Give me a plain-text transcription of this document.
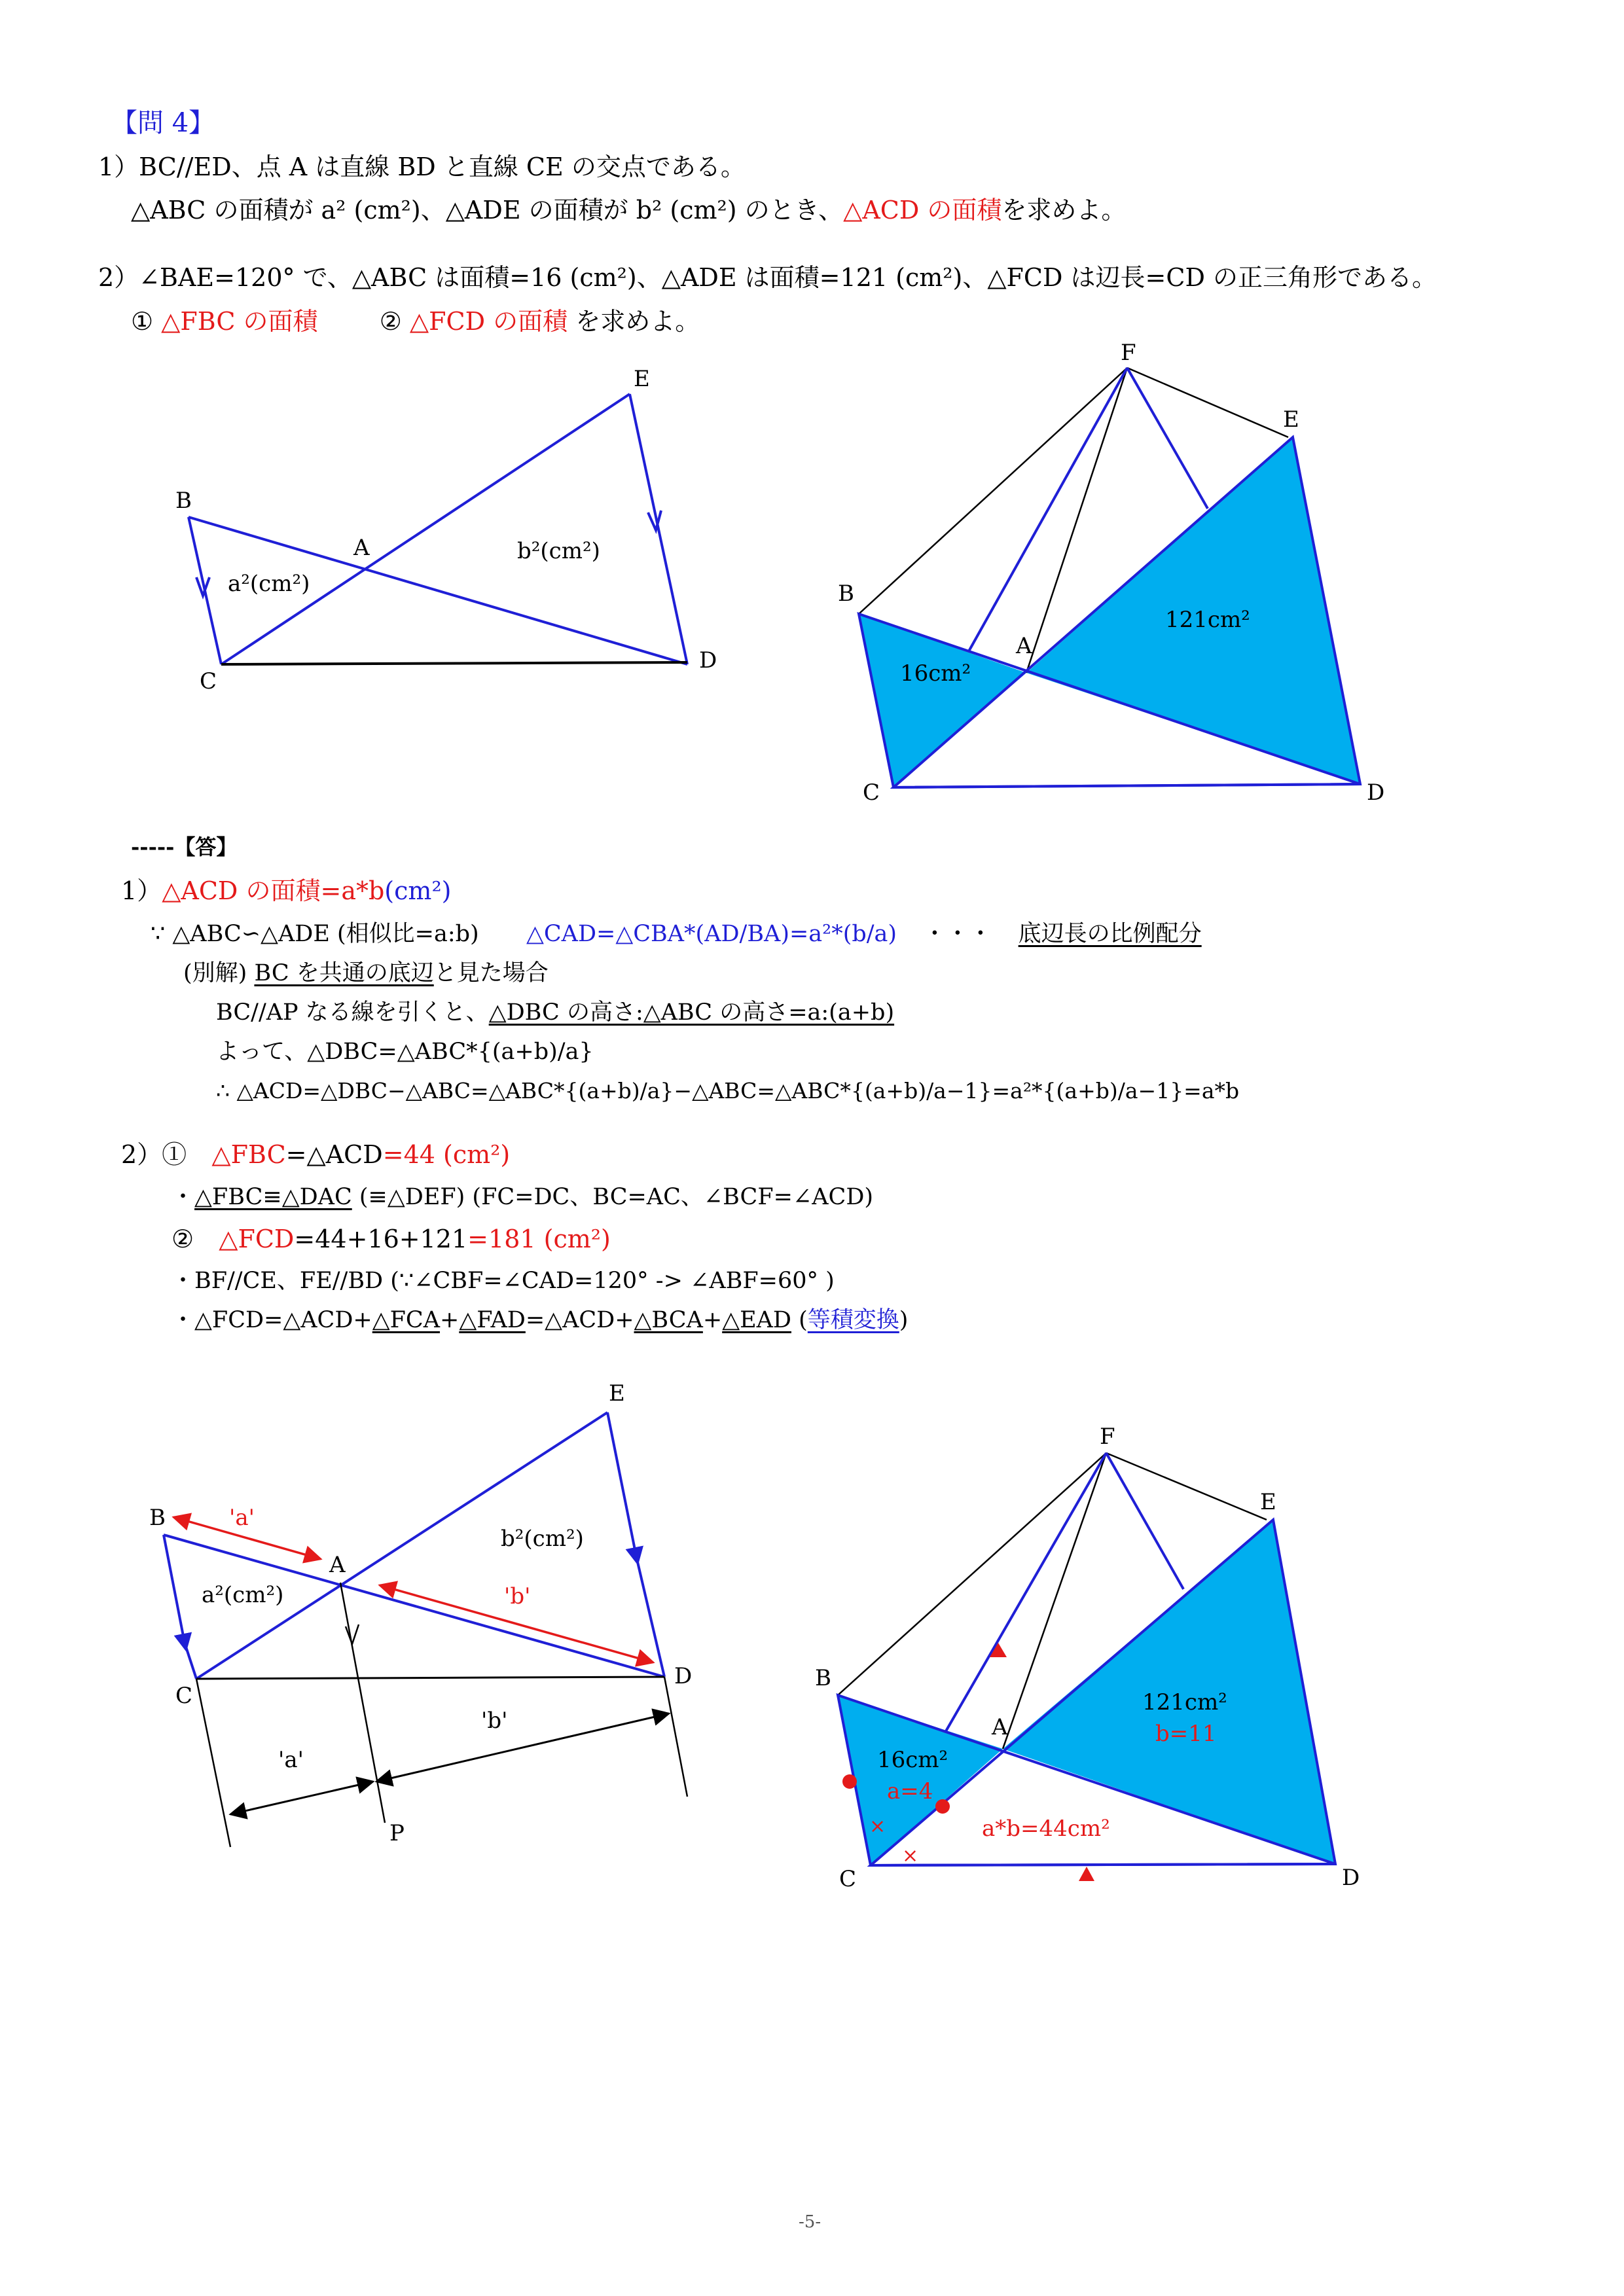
【問 4】
1）BC//ED、点 A は直線 BD と直線 CE の交点である。
△ABC の面積が a² (cm²)、△ADE の面積が b² (cm²) のとき、△ACD の面積を求めよ。
2）∠BAE=120° で、△ABC は面積=16 (cm²)、△ADE は面積=121 (cm²)、△FCD は辺長=CD の正三角形である。
① △FBC の面積 ② △FCD の面積 を求めよ。
-----【答】
1）△ACD の面積=a*b(cm²)
∵ △ABC∽△ADE (相似比=a:b) △CAD=△CBA*(AD/BA)=a²*(b/a) ・・・ 底辺長の比例配分
(別解) BC を共通の底辺と見た場合
BC//AP なる線を引くと、△DBC の高さ:△ABC の高さ=a:(a+b)
よって、△DBC=△ABC*{(a+b)/a}
∴ △ACD=△DBC−△ABC=△ABC*{(a+b)/a}−△ABC=△ABC*{(a+b)/a−1}=a²*{(a+b)/a−1}=a*b
2）① △FBC=△ACD=44 (cm²)
・△FBC≡△DAC (≡△DEF) (FC=DC、BC=AC、∠BCF=∠ACD)
② △FCD=44+16+121=181 (cm²)
・BF//CE、FE//BD (∵∠CBF=∠CAD=120° -> ∠ABF=60° )
・△FCD=△ACD+△FCA+△FAD=△ACD+△BCA+△EAD (等積変換)
-5-
B
E
A
C
D
a²(cm²)
b²(cm²)
F
E
B
A
C	D
16cm²
121cm²
B
E
A
C
D
P
a²(cm²)
b²(cm²)
'a'
'b'
'a'
'b'
×
×
F
E
B
A
C	D
16cm²
121cm²
b=11
a=4
a*b=44cm²
